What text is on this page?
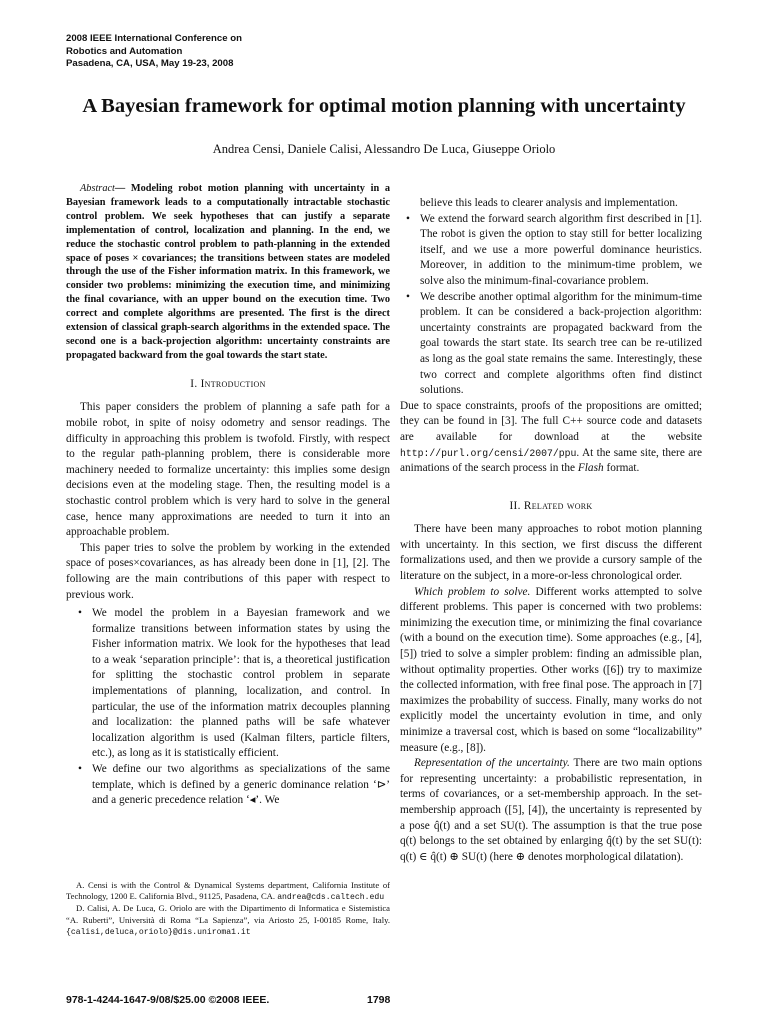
2008 IEEE International Conference on
Robotics and Automation
Pasadena, CA, USA, May 19-23, 2008
A Bayesian framework for optimal motion planning with uncertainty
Andrea Censi, Daniele Calisi, Alessandro De Luca, Giuseppe Oriolo

Abstract— Modeling robot motion planning with uncertainty in a Bayesian framework leads to a computationally intractable stochastic control problem. We seek hypotheses that can justify a separate implementation of control, localization and planning. In the end, we reduce the stochastic control problem to path-planning in the extended space of poses × covariances; the transitions between states are modeled through the use of the Fisher information matrix. In this framework, we consider two problems: minimizing the execution time, and minimizing the final covariance, with an upper bound on the execution time. Two correct and complete algorithms are presented. The first is the direct extension of classical graph-search algorithms in the extended space. The second one is a back-projection algorithm: uncertainty constraints are propagated backward from the goal towards the start state.

I. Introduction

This paper considers the problem of planning a safe path for a mobile robot, in spite of noisy odometry and sensor readings. The difficulty in approaching this problem is twofold. Firstly, with respect to the regular path-planning problem, there is considerable more machinery needed to formalize uncertainty: this implies some design decisions even at the modeling stage. Then, the resulting model is a stochastic control problem which is very hard to solve in the general case, hence many approximations are needed to turn it into an approachable problem.

This paper tries to solve the problem by working in the extended space of poses×covariances, as has already been done in [1], [2]. The following are the main contributions of this paper with respect to previous work.

• We model the problem in a Bayesian framework and we formalize transitions between information states by using the Fisher information matrix. We look for the hypotheses that lead to a weak ‘separation principle’: that is, a theoretical justification for splitting the stochastic control problem in separate implementations of planning, localization, and control. In particular, the use of the information matrix decouples planning and localization: the planned paths will be safe whatever localization algorithm is used (Kalman filters, particle filters, etc.), as long as it is statistically efficient.
• We define our two algorithms as specializations of the same template, which is defined by a generic dominance relation ‘⊳’ and a generic precedence relation ‘◂’. We

A. Censi is with the Control & Dynamical Systems department, California Institute of Technology, 1200 E. California Blvd., 91125, Pasadena, CA. andrea@cds.caltech.edu

D. Calisi, A. De Luca, G. Oriolo are with the Dipartimento di Informatica e Sistemistica “A. Ruberti”, Università di Roma “La Sapienza”, via Ariosto 25, I-00185 Rome, Italy. {calisi,deluca,oriolo}@dis.uniroma1.it

believe this leads to clearer analysis and implementation.
• We extend the forward search algorithm first described in [1]. The robot is given the option to stay still for better localizing itself, and we use a more powerful dominance heuristics. Moreover, in addition to the minimum-time problem, we solve also the minimum-final-covariance problem.
• We describe another optimal algorithm for the minimum-time problem. It can be considered a back-projection algorithm: uncertainty constraints are propagated backward from the goal towards the start state. Its search tree can be re-utilized as long as the goal state remains the same. Interestingly, these two correct and complete algorithms often find distinct solutions.

Due to space constraints, proofs of the propositions are omitted; they can be found in [3]. The full C++ source code and datasets are available for download at the website http://purl.org/censi/2007/ppu. At the same site, there are animations of the search process in the Flash format.

II. Related work

There have been many approaches to robot motion planning with uncertainty. In this section, we first discuss the different formalizations used, and then we provide a cursory sample of the literature on the subject, in a more-or-less chronological order.

Which problem to solve. Different works attempted to solve different problems. This paper is concerned with two problems: minimizing the execution time, or minimizing the final covariance (with a bound on the execution time). Some approaches (e.g., [4], [5]) tried to solve a simpler problem: finding an admissible plan, without optimality properties. Other works ([6]) try to maximize the collected information, with free final pose. The approach in [7] maximizes the probability of success. Finally, many works do not explicitly model the uncertainty evolution in time, and only minimize a traversal cost, which is based on some “localizability” measure (e.g., [8]).

Representation of the uncertainty. There are two main options for representing uncertainty: a probabilistic representation, in terms of covariances, or a set-membership approach. In the set-membership approach ([5], [4]), the uncertainty is represented by a pose q̂(t) and a set SU(t). The assumption is that the true pose q(t) belongs to the set obtained by enlarging q̂(t) by the set SU(t): q(t) ∈ q̂(t) ⊕ SU(t) (here ⊕ denotes morphological dilatation).

978-1-4244-1647-9/08/$25.00 ©2008 IEEE.	1798
